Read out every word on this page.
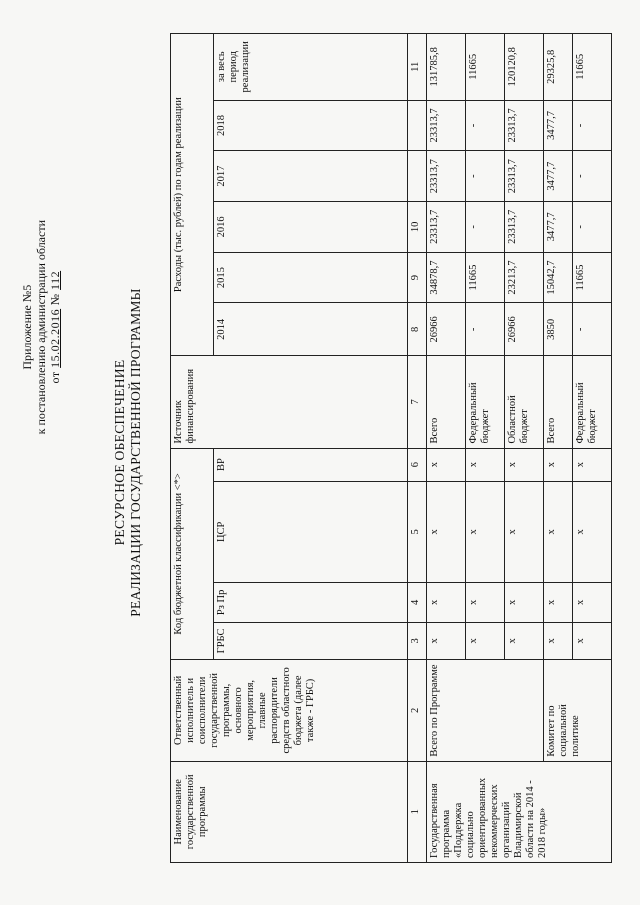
Приложение №5 к постановлению администрации области от 15.02.2016 № 112
РЕСУРСНОЕ ОБЕСПЕЧЕНИЕ РЕАЛИЗАЦИИ ГОСУДАРСТВЕННОЙ ПРОГРАММЫ
Наименование государственной программы	Ответственный исполнитель и соисполнители государственной программы, основного мероприятия, главные распорядители средств областного бюджета (далее также - ГРБС)	Код бюджетной классификации <*>				Источник финансирования	Расходы (тыс. рублей) по годам реализации					
		ГРБС	Рз Пр	ЦСР	ВР		2014	2015	2016	2017	2018	за весь период реализации
1	2	3	4	5	6	7	8	9	10			11
Государственная программа «Поддержка социально ориентированных некоммерческих организаций Владимирской области на 2014 - 2018 годы»	Всего по Программе	х	х	х	х	Всего	26966	34878,7	23313,7	23313,7	23313,7	131785,8
		х	х	х	х	Федеральный бюджет	-	11665	-	-	-	11665
		х	х	х	х	Областной бюджет	26966	23213,7	23313,7	23313,7	23313,7	120120,8
	Комитет по социальной политике	х	х	х	х	Всего	3850	15042,7	3477,7	3477,7	3477,7	29325,8
		х	х	х	х	Федеральный бюджет	-	11665	-	-	-	11665
